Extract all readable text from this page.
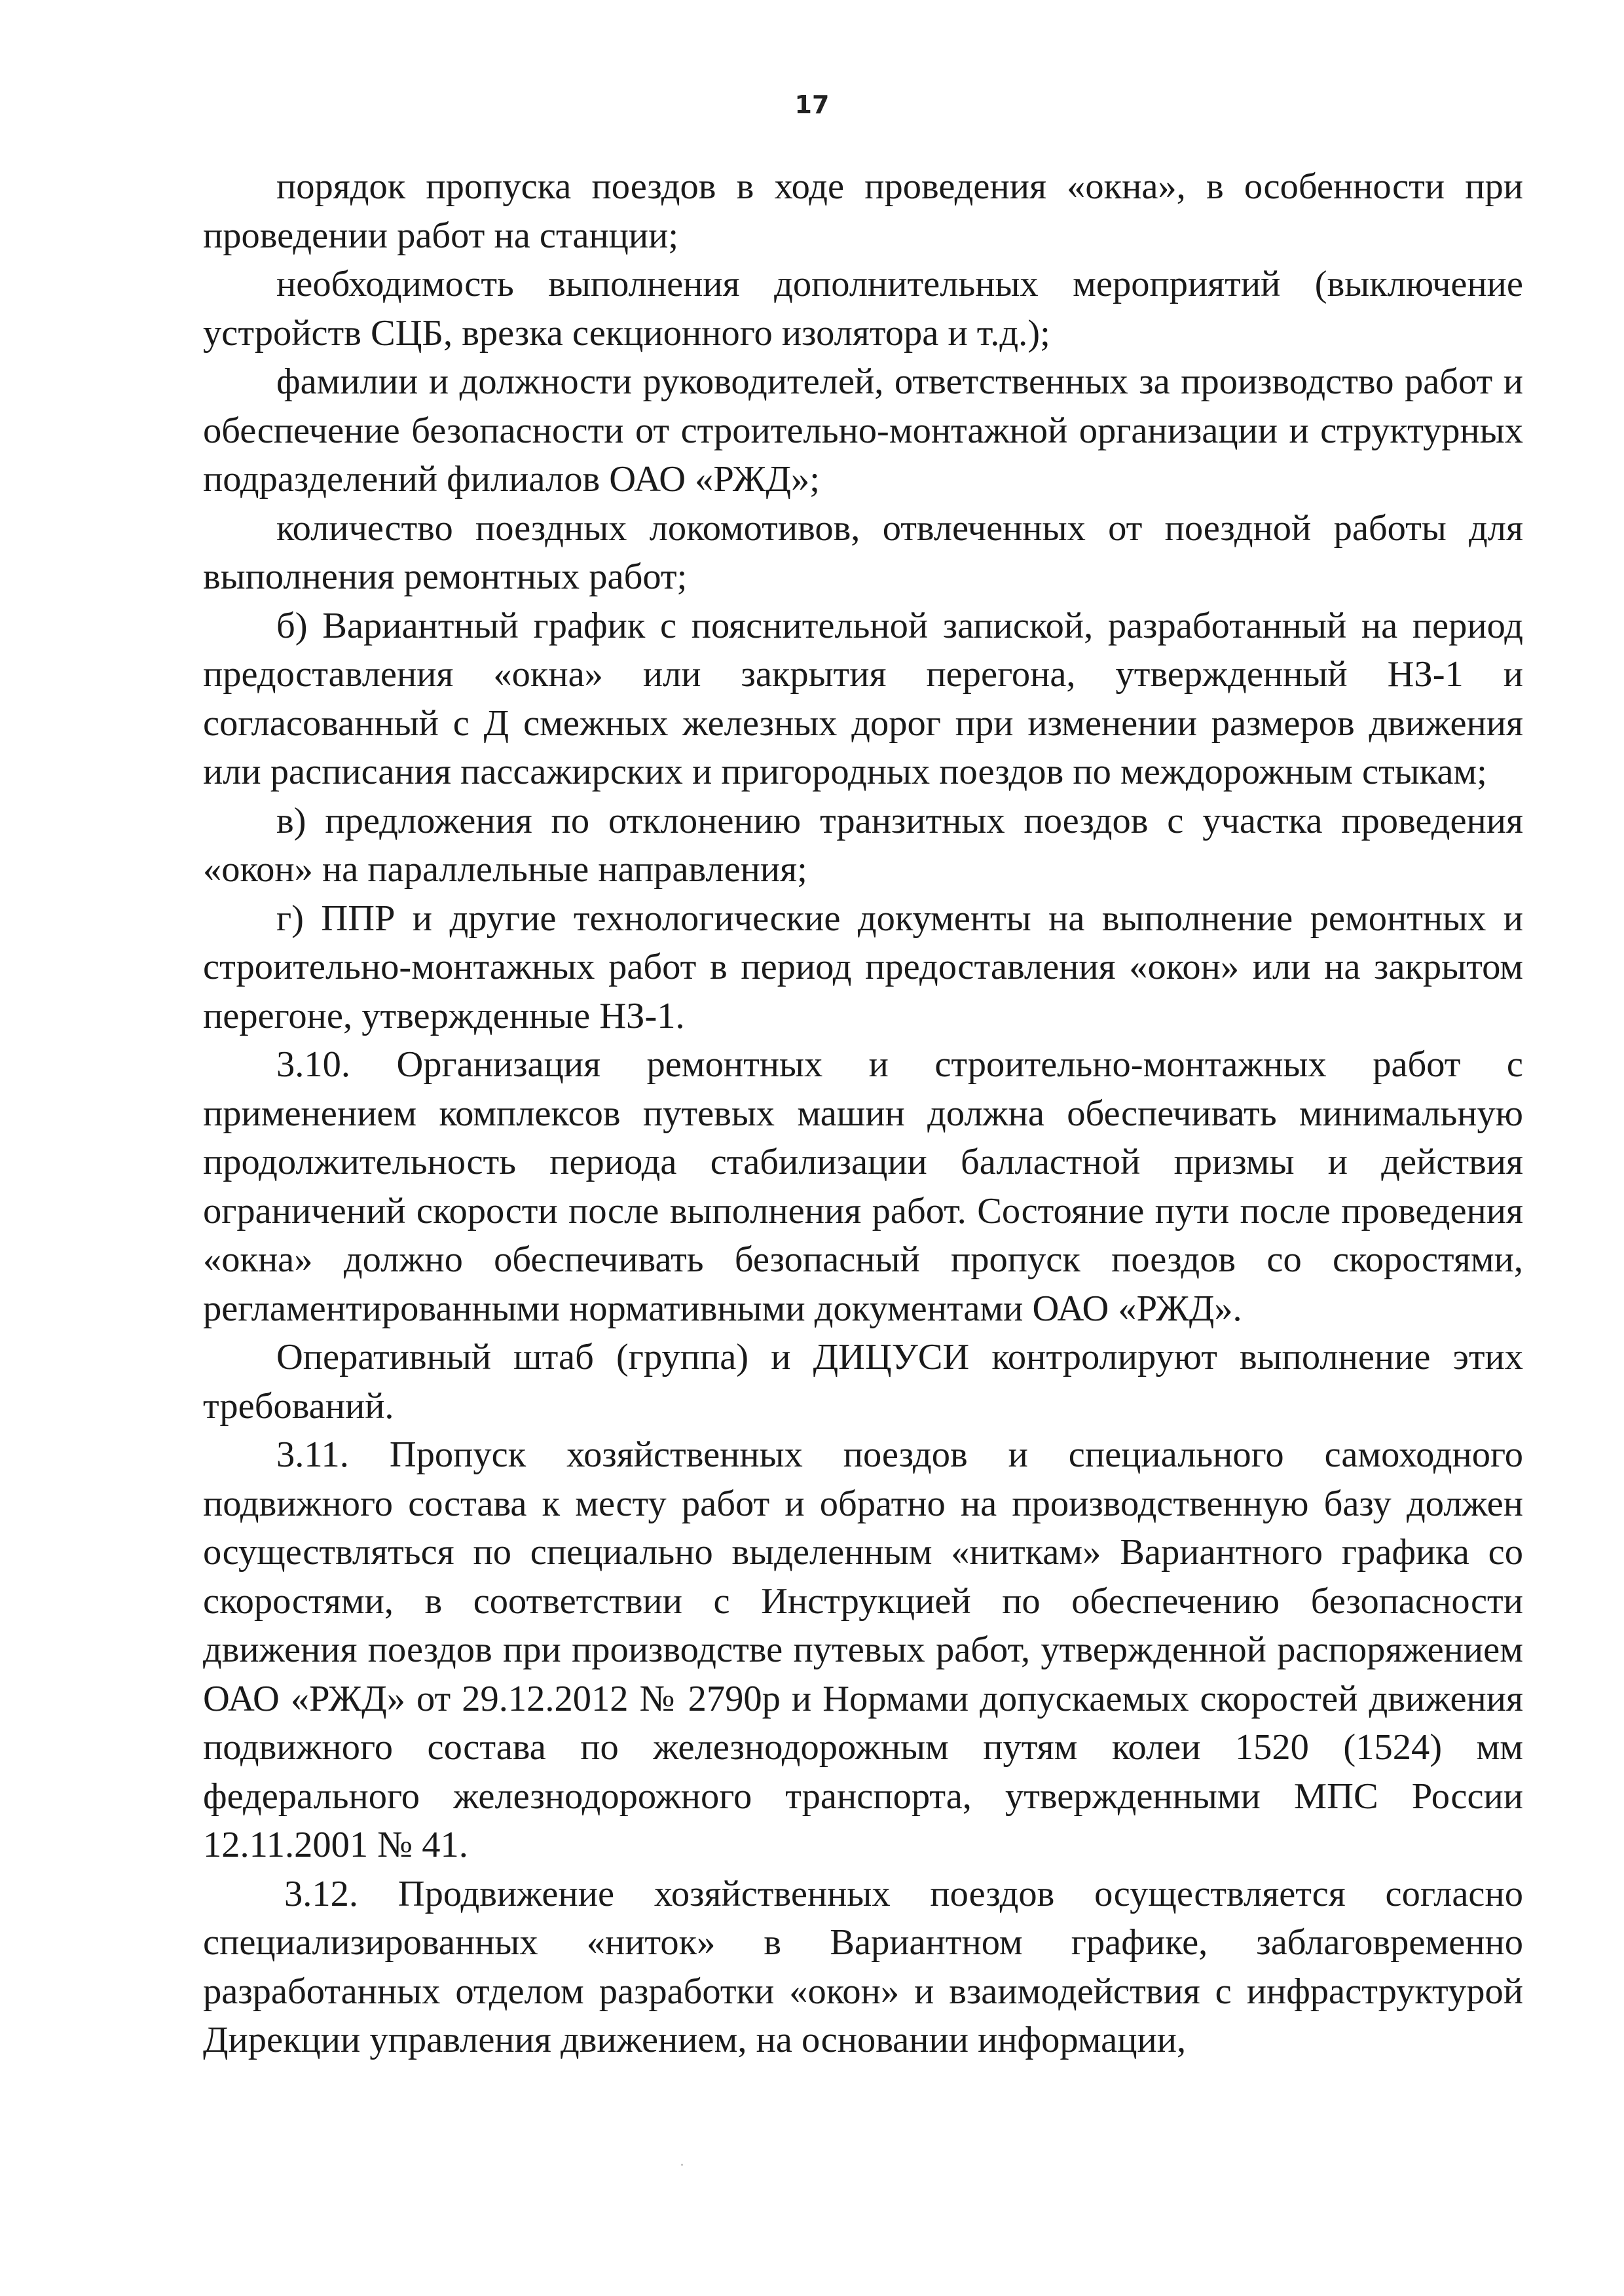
17

порядок пропуска поездов в ходе проведения «окна», в особенности при проведении работ на станции;

необходимость выполнения дополнительных мероприятий (выключение устройств СЦБ, врезка секционного изолятора и т.д.);

фамилии и должности руководителей, ответственных за производство работ и обеспечение безопасности от строительно-монтажной организации и структурных подразделений филиалов ОАО «РЖД»;

количество поездных локомотивов, отвлеченных от поездной работы для выполнения ремонтных работ;

б) Вариантный график с пояснительной запиской, разработанный на период предоставления «окна» или закрытия перегона, утвержденный НЗ-1 и согласованный с Д смежных железных дорог при изменении размеров движения или расписания пассажирских и пригородных поездов по междорожным стыкам;

в) предложения по отклонению транзитных поездов с участка проведения «окон» на параллельные направления;

г) ППР и другие технологические документы на выполнение ремонтных и строительно-монтажных работ в период предоставления «окон» или на закрытом перегоне, утвержденные НЗ-1.

3.10. Организация ремонтных и строительно-монтажных работ с применением комплексов путевых машин должна обеспечивать минимальную продолжительность периода стабилизации балластной призмы и действия ограничений скорости после выполнения работ. Состояние пути после проведения «окна» должно обеспечивать безопасный пропуск поездов со скоростями, регламентированными нормативными документами ОАО «РЖД».

Оперативный штаб (группа) и ДИЦУСИ контролируют выполнение этих требований.

3.11. Пропуск хозяйственных поездов и специального самоходного подвижного состава к месту работ и обратно на производственную базу должен осуществляться по специально выделенным «ниткам» Вариантного графика со скоростями, в соответствии с Инструкцией по обеспечению безопасности движения поездов при производстве путевых работ, утвержденной распоряжением ОАО «РЖД» от 29.12.2012 № 2790р и Нормами допускаемых скоростей движения подвижного состава по железнодорожным путям колеи 1520 (1524) мм федерального железнодорожного транспорта, утвержденными МПС России 12.11.2001 № 41.

3.12. Продвижение хозяйственных поездов осуществляется согласно специализированных «ниток» в Вариантном графике, заблаговременно разработанных отделом разработки «окон» и взаимодействия с инфраструктурой Дирекции управления движением, на основании информации,
